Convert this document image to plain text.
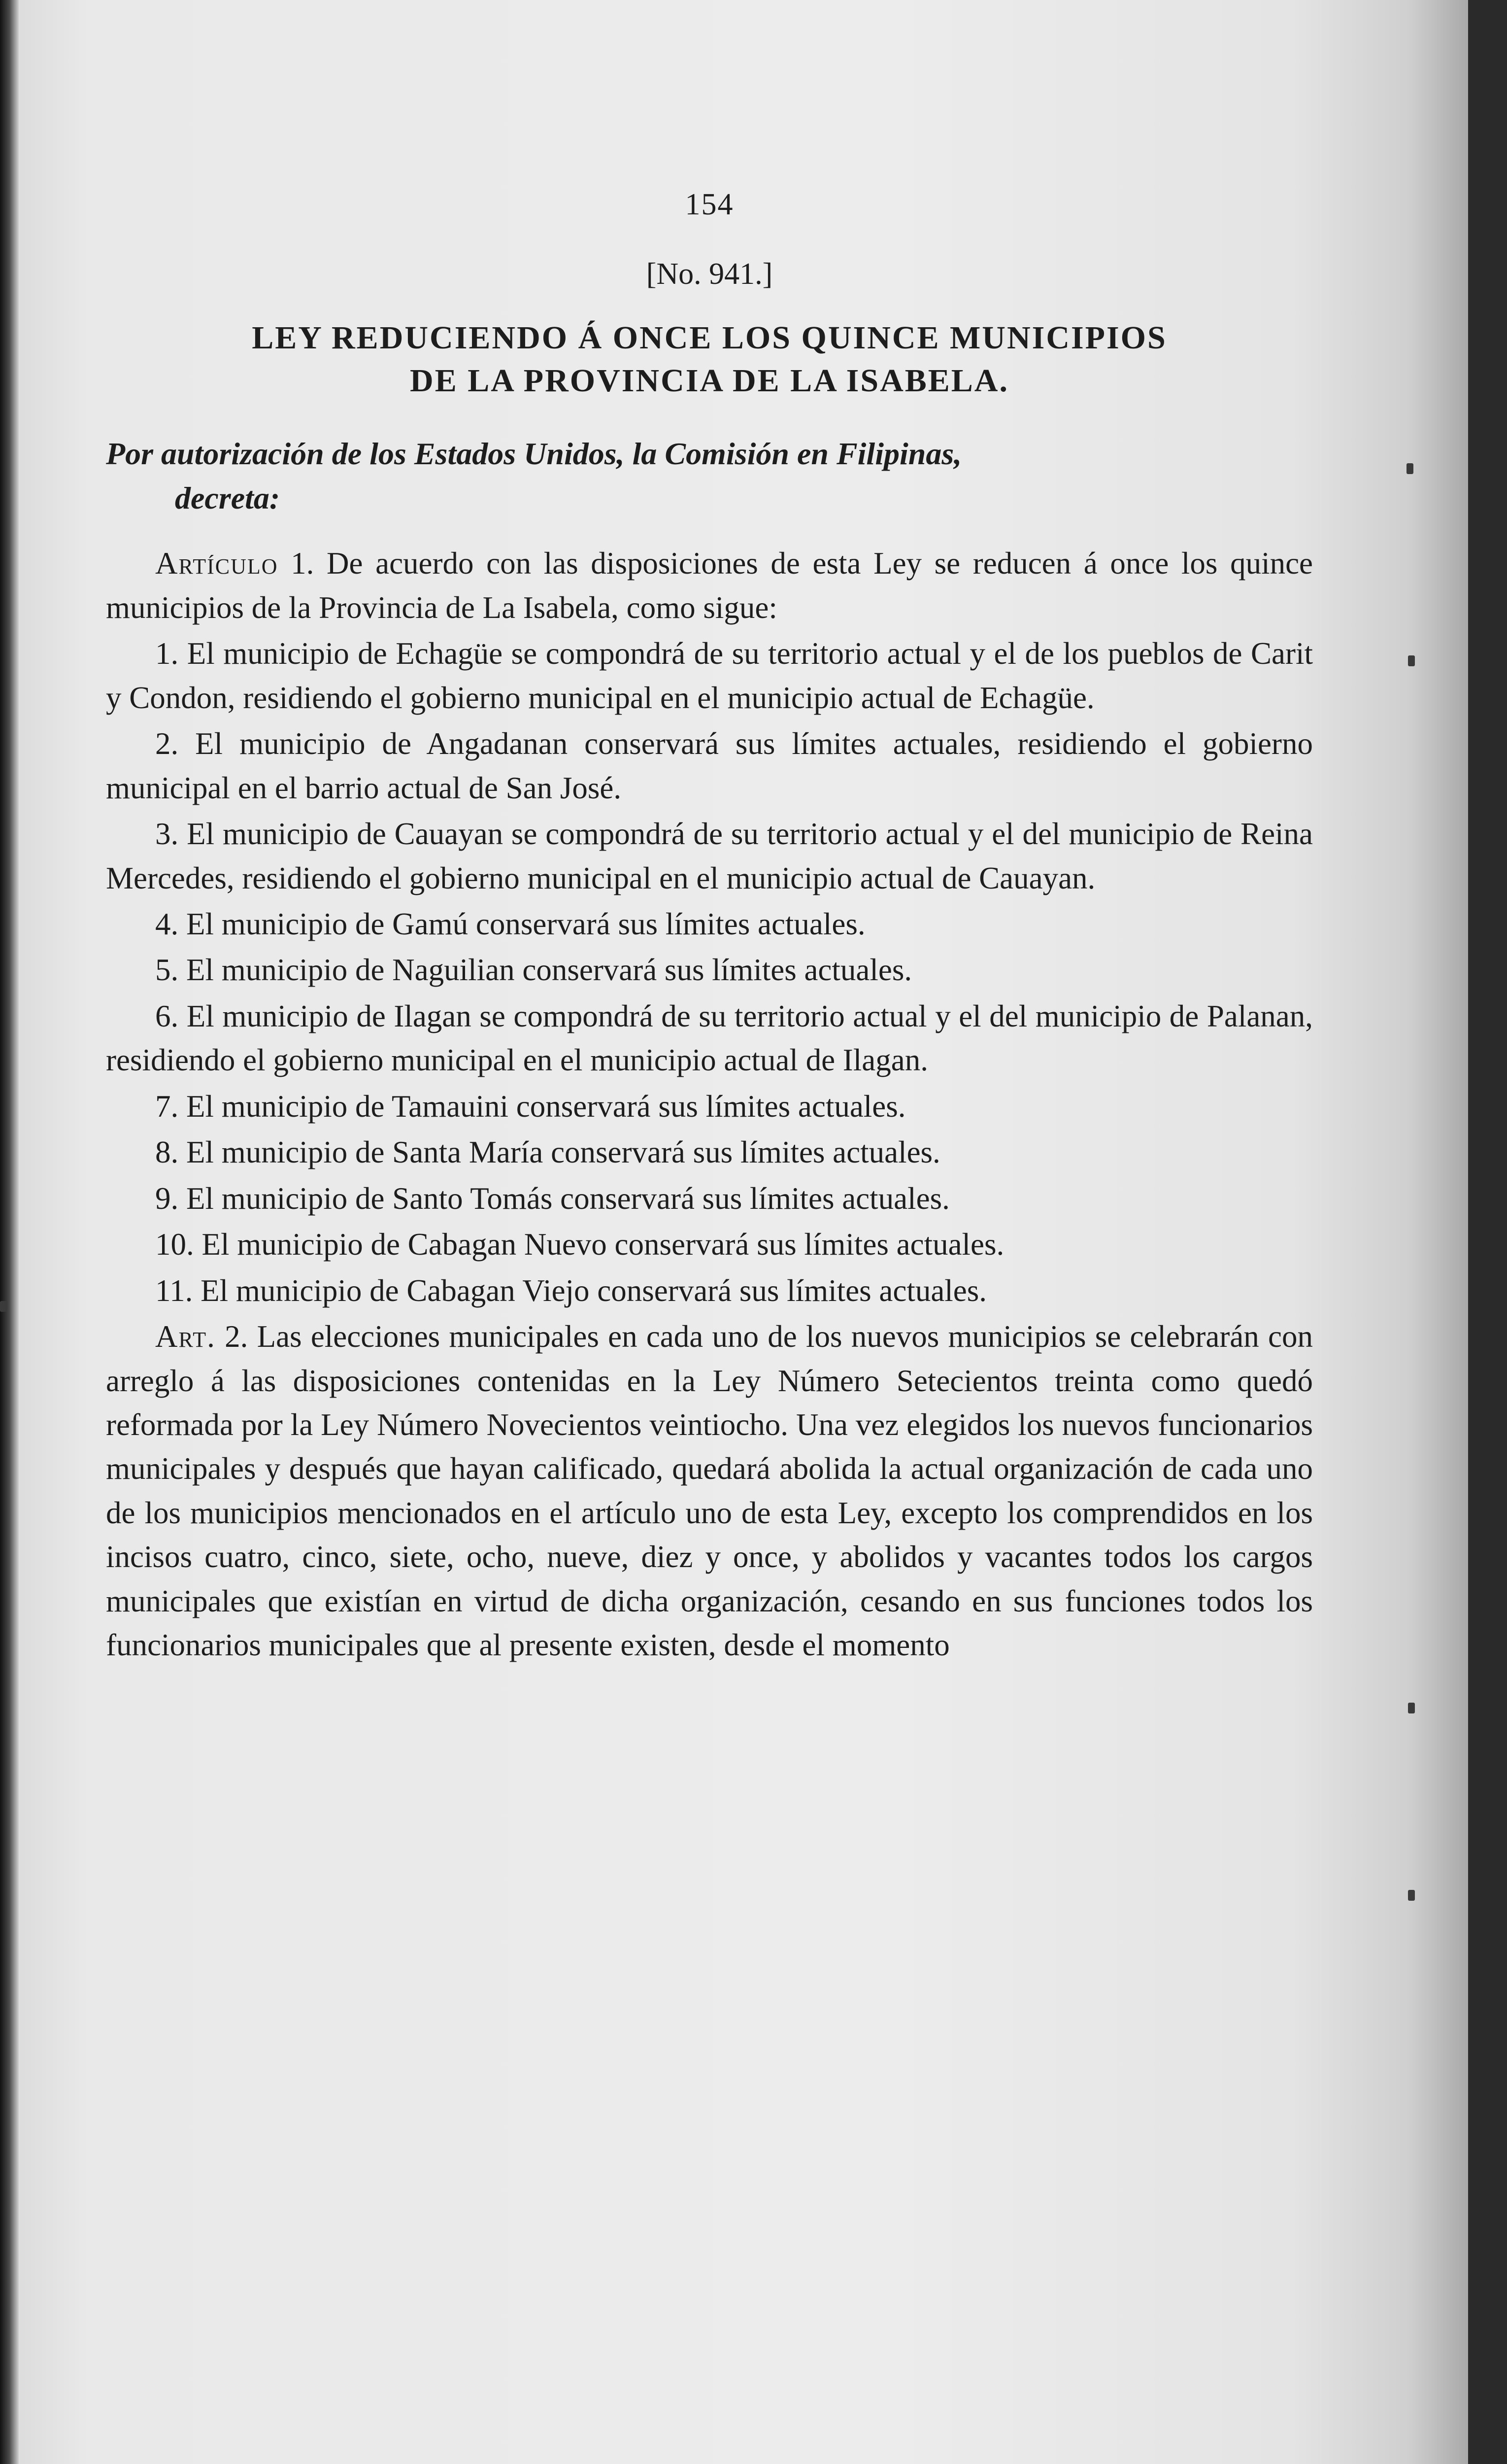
154
[No. 941.]
LEY REDUCIENDO Á ONCE LOS QUINCE MUNICIPIOS
DE LA PROVINCIA DE LA ISABELA.
Por autorización de los Estados Unidos, la Comisión en Filipinas,
decreta:

Artículo 1. De acuerdo con las disposiciones de esta Ley se reducen á once los quince municipios de la Provincia de La Isabela, como sigue:

1. El municipio de Echagüe se compondrá de su territorio actual y el de los pueblos de Carit y Condon, residiendo el gobierno municipal en el municipio actual de Echagüe.

2. El municipio de Angadanan conservará sus límites actuales, residiendo el gobierno municipal en el barrio actual de San José.

3. El municipio de Cauayan se compondrá de su territorio actual y el del municipio de Reina Mercedes, residiendo el gobierno municipal en el municipio actual de Cauayan.

4. El municipio de Gamú conservará sus límites actuales.

5. El municipio de Naguilian conservará sus límites actuales.

6. El municipio de Ilagan se compondrá de su territorio actual y el del municipio de Palanan, residiendo el gobierno municipal en el municipio actual de Ilagan.

7. El municipio de Tamauini conservará sus límites actuales.

8. El municipio de Santa María conservará sus límites actuales.

9. El municipio de Santo Tomás conservará sus límites actuales.

10. El municipio de Cabagan Nuevo conservará sus límites actuales.

11. El municipio de Cabagan Viejo conservará sus límites actuales.

Art. 2. Las elecciones municipales en cada uno de los nuevos municipios se celebrarán con arreglo á las disposiciones contenidas en la Ley Número Setecientos treinta como quedó reformada por la Ley Número Novecientos veintiocho. Una vez elegidos los nuevos funcionarios municipales y después que hayan calificado, quedará abolida la actual organización de cada uno de los municipios mencionados en el artículo uno de esta Ley, excepto los comprendidos en los incisos cuatro, cinco, siete, ocho, nueve, diez y once, y abolidos y vacantes todos los cargos municipales que existían en virtud de dicha organización, cesando en sus funciones todos los funcionarios municipales que al presente existen, desde el momento
